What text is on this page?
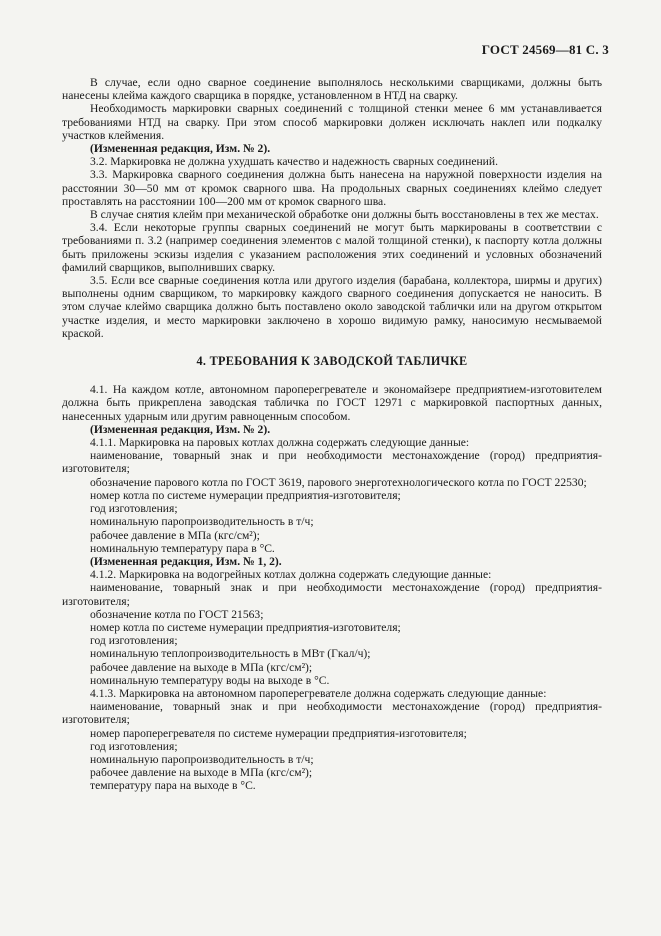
ГОСТ 24569—81 С. 3

В случае, если одно сварное соединение выполнялось несколькими сварщиками, должны быть нанесены клейма каждого сварщика в порядке, установленном в НТД на сварку.

Необходимость маркировки сварных соединений с толщиной стенки менее 6 мм устанавливается требованиями НТД на сварку. При этом способ маркировки должен исключать наклеп или подкалку участков клеймения.

(Измененная редакция, Изм. № 2).

3.2. Маркировка не должна ухудшать качество и надежность сварных соединений.

3.3. Маркировка сварного соединения должна быть нанесена на наружной поверхности изделия на расстоянии 30—50 мм от кромок сварного шва. На продольных сварных соединениях клеймо следует проставлять на расстоянии 100—200 мм от кромок сварного шва.

В случае снятия клейм при механической обработке они должны быть восстановлены в тех же местах.

3.4. Если некоторые группы сварных соединений не могут быть маркированы в соответствии с требованиями п. 3.2 (например соединения элементов с малой толщиной стенки), к паспорту котла должны быть приложены эскизы изделия с указанием расположения этих соединений и условных обозначений фамилий сварщиков, выполнивших сварку.

3.5. Если все сварные соединения котла или другого изделия (барабана, коллектора, ширмы и других) выполнены одним сварщиком, то маркировку каждого сварного соединения допускается не наносить. В этом случае клеймо сварщика должно быть поставлено около заводской таблички или на другом открытом участке изделия, и место маркировки заключено в хорошо видимую рамку, наносимую несмываемой краской.

4. ТРЕБОВАНИЯ К ЗАВОДСКОЙ ТАБЛИЧКЕ

4.1. На каждом котле, автономном пароперегревателе и экономайзере предприятием-изготовителем должна быть прикреплена заводская табличка по ГОСТ 12971 с маркировкой паспортных данных, нанесенных ударным или другим равноценным способом.

(Измененная редакция, Изм. № 2).

4.1.1. Маркировка на паровых котлах должна содержать следующие данные:

наименование, товарный знак и при необходимости местонахождение (город) предприятия-изготовителя;

обозначение парового котла по ГОСТ 3619, парового энерготехнологического котла по ГОСТ 22530;

номер котла по системе нумерации предприятия-изготовителя;

год изготовления;

номинальную паропроизводительность в т/ч;

рабочее давление в МПа (кгс/см²);

номинальную температуру пара в °С.

(Измененная редакция, Изм. № 1, 2).

4.1.2. Маркировка на водогрейных котлах должна содержать следующие данные:

наименование, товарный знак и при необходимости местонахождение (город) предприятия-изготовителя;

обозначение котла по ГОСТ 21563;

номер котла по системе нумерации предприятия-изготовителя;

год изготовления;

номинальную теплопроизводительность в МВт (Гкал/ч);

рабочее давление на выходе в МПа (кгс/см²);

номинальную температуру воды на выходе в °С.

4.1.3. Маркировка на автономном пароперегревателе должна содержать следующие данные:

наименование, товарный знак и при необходимости местонахождение (город) предприятия-изготовителя;

номер пароперегревателя по системе нумерации предприятия-изготовителя;

год изготовления;

номинальную паропроизводительность в т/ч;

рабочее давление на выходе в МПа (кгс/см²);

температуру пара на выходе в °С.
